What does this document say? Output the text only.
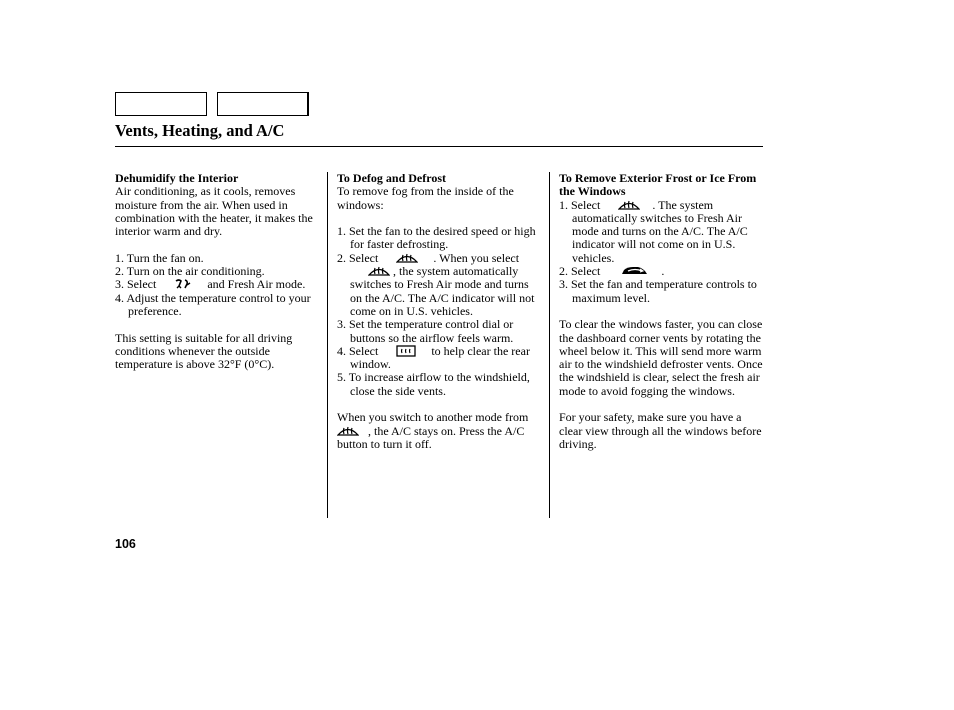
Vents, Heating, and A/C

Dehumidify the Interior

Air conditioning, as it cools, removes moisture from the air. When used in combination with the heater, it makes the interior warm and dry.

1. Turn the fan on.

2. Turn on the air conditioning.

3. Select	and Fresh Air mode.

4. Adjust the temperature control to your preference.

This setting is suitable for all driving conditions whenever the outside temperature is above 32°F (0°C).

To Defog and Defrost

To remove fog from the inside of the windows:

1. Set the fan to the desired speed or high for faster defrosting.

2. Select	. When you select

, the system automatically switches to Fresh Air mode and turns on the A/C. The A/C indicator will not come on in U.S. vehicles.

3. Set the temperature control dial or buttons so the airflow feels warm.

4. Select	to help clear the rear window.

5. To increase airflow to the windshield, close the side vents.

When you switch to another mode from
, the A/C stays on. Press the A/C button to turn it off.

To Remove Exterior Frost or Ice From the Windows

1. Select	. The system automatically switches to Fresh Air mode and turns on the A/C. The A/C indicator will not come on in U.S. vehicles.

2. Select	.

3. Set the fan and temperature controls to maximum level.

To clear the windows faster, you can close the dashboard corner vents by rotating the wheel below it. This will send more warm air to the windshield defroster vents. Once the windshield is clear, select the fresh air mode to avoid fogging the windows.

For your safety, make sure you have a clear view through all the windows before driving.

106
